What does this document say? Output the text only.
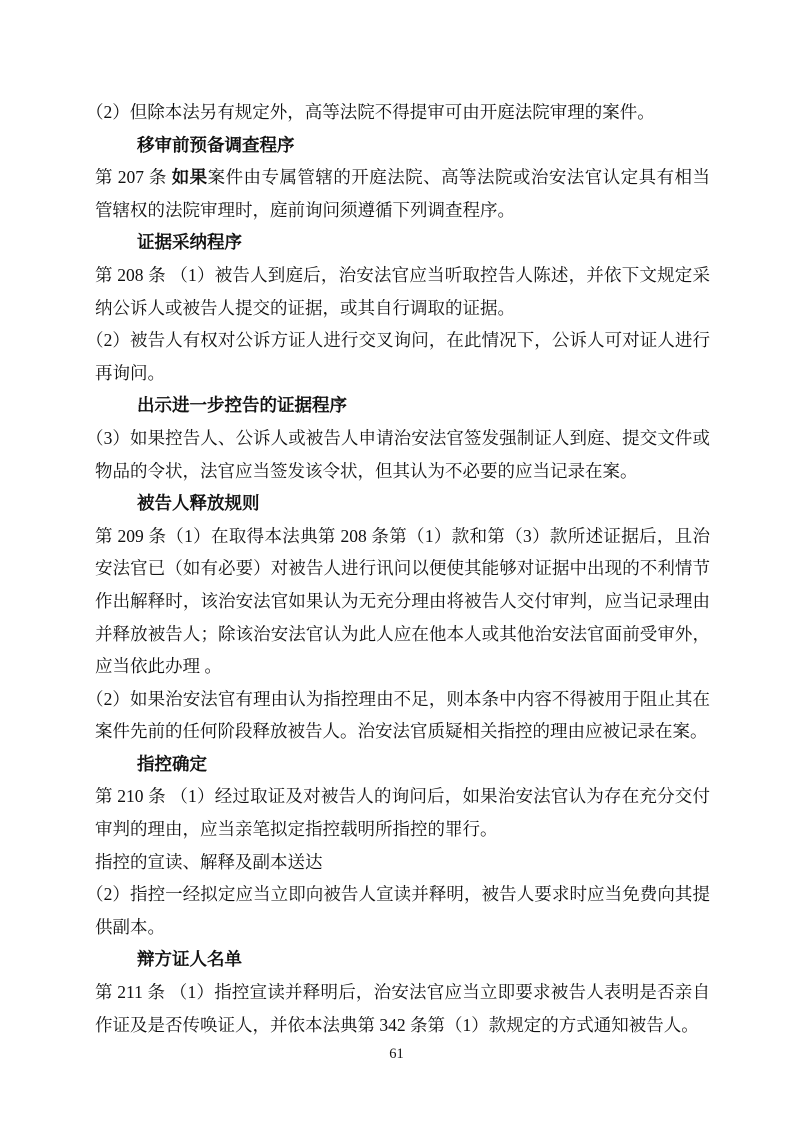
（2）但除本法另有规定外，高等法院不得提审可由开庭法院审理的案件。

移审前预备调查程序

第 207 条 如果案件由专属管辖的开庭法院、高等法院或治安法官认定具有相当管辖权的法院审理时，庭前询问须遵循下列调查程序。

证据采纳程序

第 208 条 （1）被告人到庭后，治安法官应当听取控告人陈述，并依下文规定采纳公诉人或被告人提交的证据，或其自行调取的证据。

（2）被告人有权对公诉方证人进行交叉询问，在此情况下，公诉人可对证人进行再询问。

出示进一步控告的证据程序

（3）如果控告人、公诉人或被告人申请治安法官签发强制证人到庭、提交文件或物品的令状，法官应当签发该令状，但其认为不必要的应当记录在案。

被告人释放规则

第 209 条（1）在取得本法典第 208 条第（1）款和第（3）款所述证据后，且治安法官已（如有必要）对被告人进行讯问以便使其能够对证据中出现的不利情节作出解释时，该治安法官如果认为无充分理由将被告人交付审判，应当记录理由并释放被告人；除该治安法官认为此人应在他本人或其他治安法官面前受审外，应当依此办理 。

（2）如果治安法官有理由认为指控理由不足，则本条中内容不得被用于阻止其在案件先前的任何阶段释放被告人。治安法官质疑相关指控的理由应被记录在案。

指控确定

第 210 条 （1）经过取证及对被告人的询问后，如果治安法官认为存在充分交付审判的理由，应当亲笔拟定指控载明所指控的罪行。

指控的宣读、解释及副本送达

（2）指控一经拟定应当立即向被告人宣读并释明，被告人要求时应当免费向其提供副本。

辩方证人名单

第 211 条 （1）指控宣读并释明后，治安法官应当立即要求被告人表明是否亲自作证及是否传唤证人，并依本法典第 342 条第（1）款规定的方式通知被告人。

61
